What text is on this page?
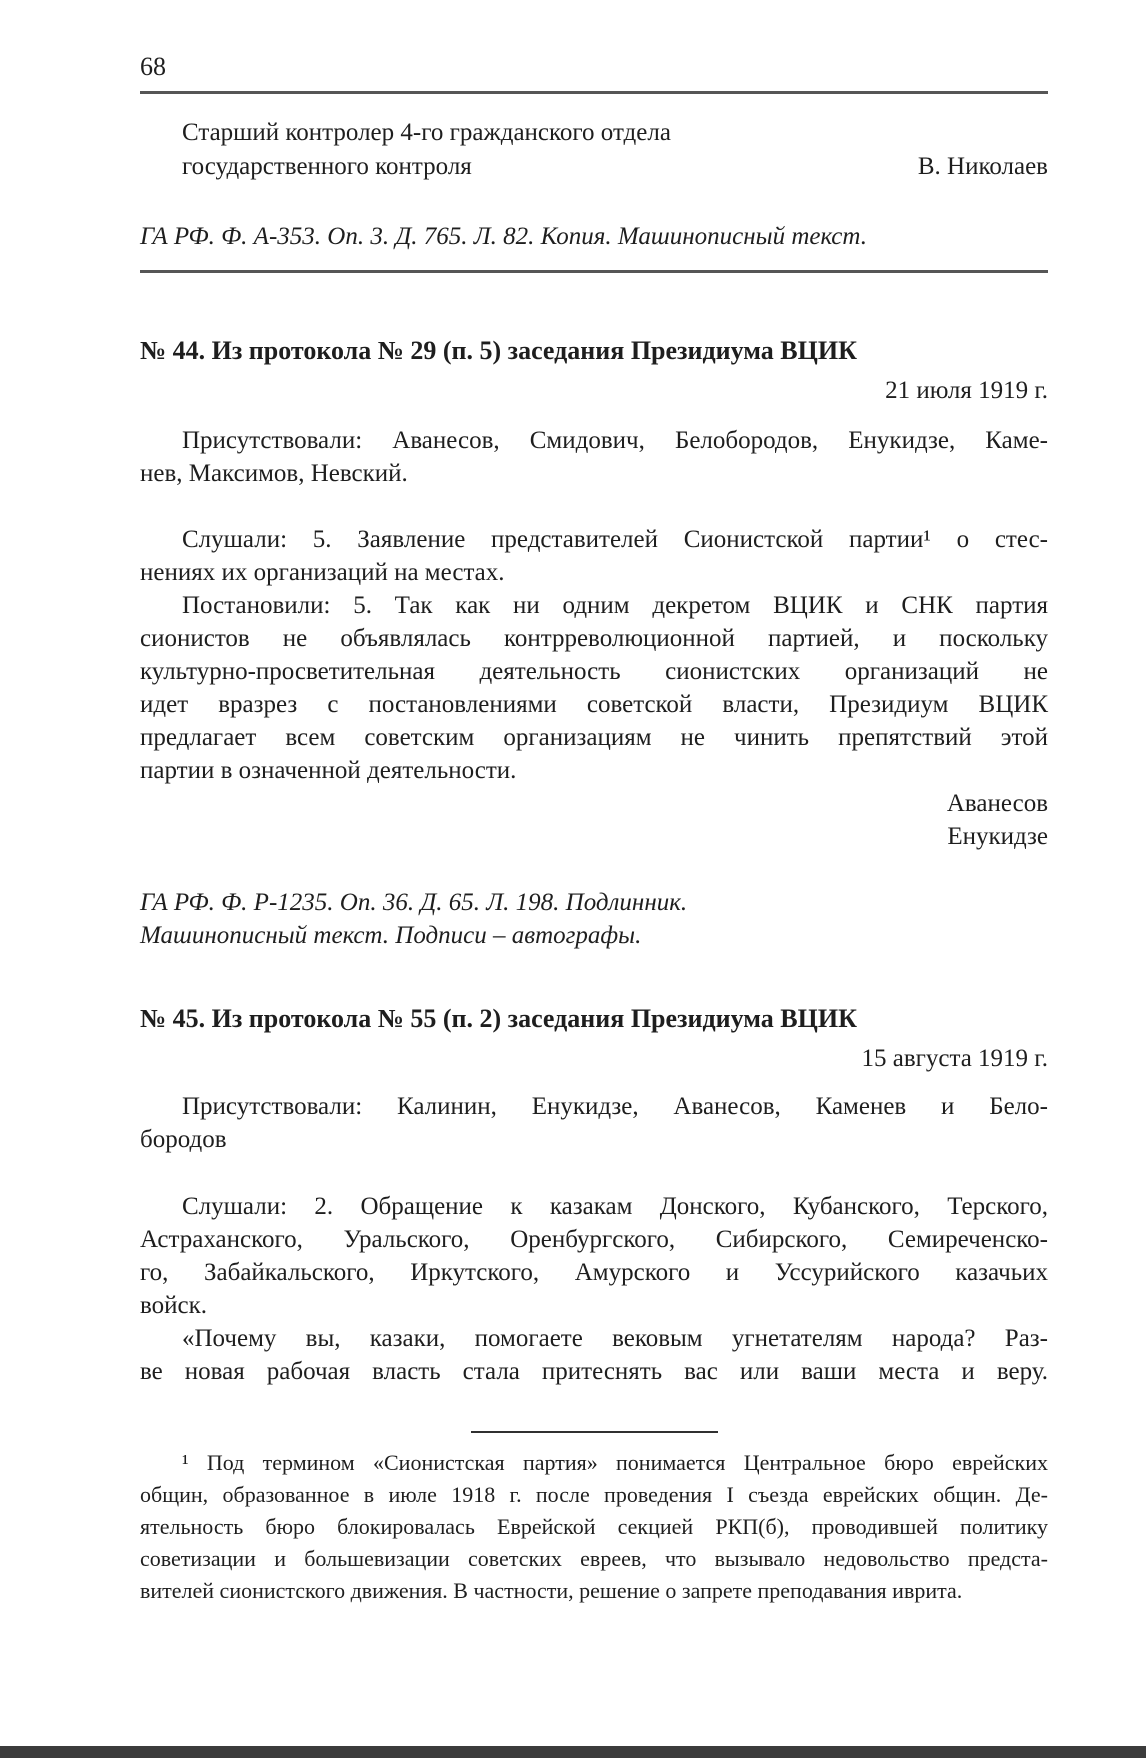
68
Старший контролер 4-го гражданского отдела
государственного контроля	В. Николаев
ГА РФ. Ф. А-353. Оп. 3. Д. 765. Л. 82. Копия. Машинописный текст.
№ 44. Из протокола № 29 (п. 5) заседания Президиума ВЦИК
21 июля 1919 г.
Присутствовали: Аванесов, Смидович, Белобородов, Енукидзе, Каме-
нев, Максимов, Невский.
Слушали: 5. Заявление представителей Сионистской партии¹ о стес-
нениях их организаций на местах.
Постановили: 5. Так как ни одним декретом ВЦИК и СНК партия
сионистов не объявлялась контрреволюционной партией, и поскольку
культурно-просветительная деятельность сионистских организаций не
идет вразрез с постановлениями советской власти, Президиум ВЦИК
предлагает всем советским организациям не чинить препятствий этой
партии в означенной деятельности.
Аванесов
Енукидзе
ГА РФ. Ф. Р-1235. Оп. 36. Д. 65. Л. 198. Подлинник.
Машинописный текст. Подписи – автографы.
№ 45. Из протокола № 55 (п. 2) заседания Президиума ВЦИК
15 августа 1919 г.
Присутствовали: Калинин, Енукидзе, Аванесов, Каменев и Бело-
бородов
Слушали: 2. Обращение к казакам Донского, Кубанского, Терского,
Астраханского, Уральского, Оренбургского, Сибирского, Семиреченско-
го, Забайкальского, Иркутского, Амурского и Уссурийского казачьих
войск.
«Почему вы, казаки, помогаете вековым угнетателям народа? Раз-
ве новая рабочая власть стала притеснять вас или ваши места и веру.
¹ Под термином «Сионистская партия» понимается Центральное бюро еврейских
общин, образованное в июле 1918 г. после проведения I съезда еврейских общин. Де-
ятельность бюро блокировалась Еврейской секцией РКП(б), проводившей политику
советизации и большевизации советских евреев, что вызывало недовольство предста-
вителей сионистского движения. В частности, решение о запрете преподавания иврита.
